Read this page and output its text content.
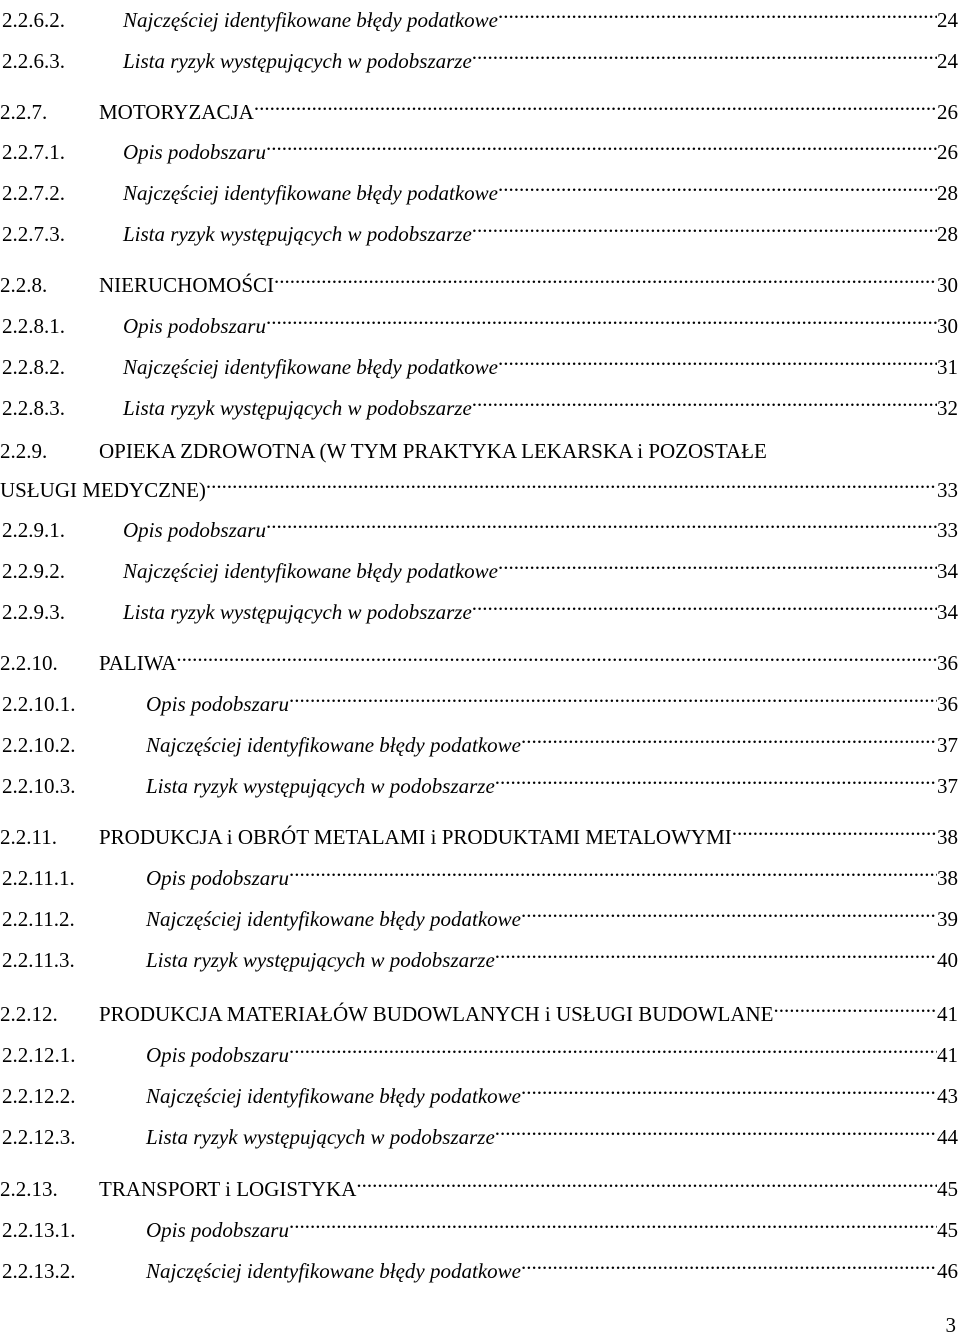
2.2.6.2.	Najczęściej identyfikowane błędy podatkowe .....	24
2.2.6.3.	Lista ryzyk występujących w podobszarze .....	24
2.2.7.	MOTORYZACJA .....	26
2.2.7.1.	Opis podobszaru .....	26
2.2.7.2.	Najczęściej identyfikowane błędy podatkowe .....	28
2.2.7.3.	Lista ryzyk występujących w podobszarze .....	28
2.2.8.	NIERUCHOMOŚCI .....	30
2.2.8.1.	Opis podobszaru .....	30
2.2.8.2.	Najczęściej identyfikowane błędy podatkowe .....	31
2.2.8.3.	Lista ryzyk występujących w podobszarze .....	32
2.2.9.	OPIEKA ZDROWOTNA (W TYM PRAKTYKA LEKARSKA i POZOSTAŁE
USŁUGI MEDYCZNE) .....	33
2.2.9.1.	Opis podobszaru .....	33
2.2.9.2.	Najczęściej identyfikowane błędy podatkowe .....	34
2.2.9.3.	Lista ryzyk występujących w podobszarze .....	34
2.2.10.	PALIWA .....	36
2.2.10.1.	Opis podobszaru .....	36
2.2.10.2.	Najczęściej identyfikowane błędy podatkowe .....	37
2.2.10.3.	Lista ryzyk występujących w podobszarze .....	37
2.2.11.	PRODUKCJA i OBRÓT METALAMI i PRODUKTAMI METALOWYMI .....	38
2.2.11.1.	Opis podobszaru .....	38
2.2.11.2.	Najczęściej identyfikowane błędy podatkowe .....	39
2.2.11.3.	Lista ryzyk występujących w podobszarze .....	40
2.2.12.	PRODUKCJA MATERIAŁÓW BUDOWLANYCH i USŁUGI BUDOWLANE .....	41
2.2.12.1.	Opis podobszaru .....	41
2.2.12.2.	Najczęściej identyfikowane błędy podatkowe .....	43
2.2.12.3.	Lista ryzyk występujących w podobszarze .....	44
2.2.13.	TRANSPORT i LOGISTYKA .....	45
2.2.13.1.	Opis podobszaru .....	45
2.2.13.2.	Najczęściej identyfikowane błędy podatkowe .....	46
3
